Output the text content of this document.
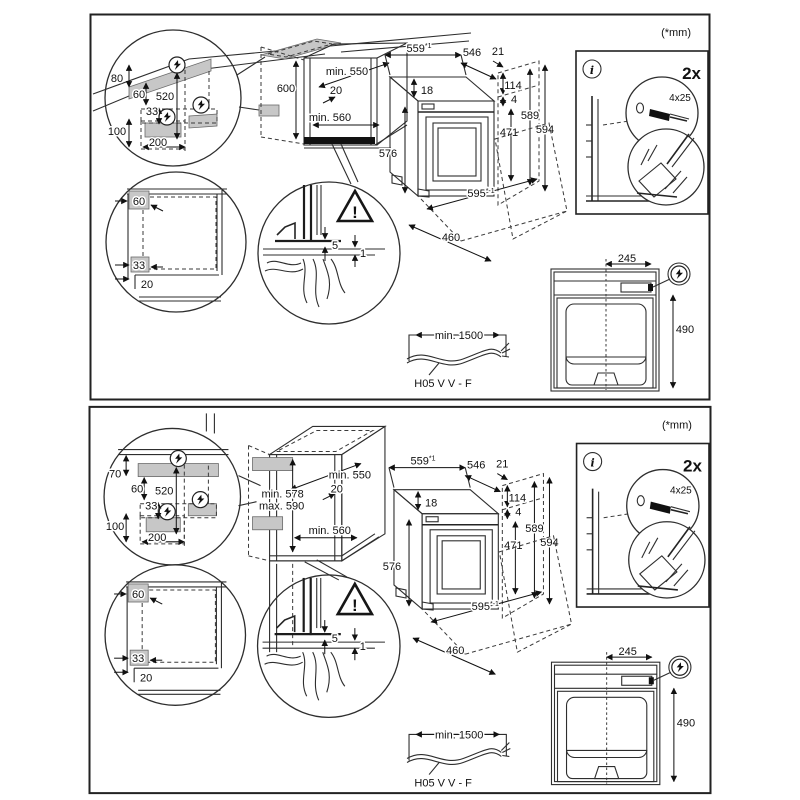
(*mm)
80
60 520
33
100
200
600
min. 550
20
min. 560
559$^{*1}$
546 21
18
576
114
4
589
471 594
$595^{*-1}$
460
i	2x
4x25
245
490
min. 1500
H05 V V - F
60
33
20
5
1
!
(*mm)
70
60 520
33
100
200
min. 578
max. 590
min. 550
20
min. 560
559$^{*1}$
546 21
18
576
114
4
589
471 594
$595^{*-1}$
460
i	2x
4x25
245
490
min. 1500
H05 V V - F
60
33
20
5
1
!
